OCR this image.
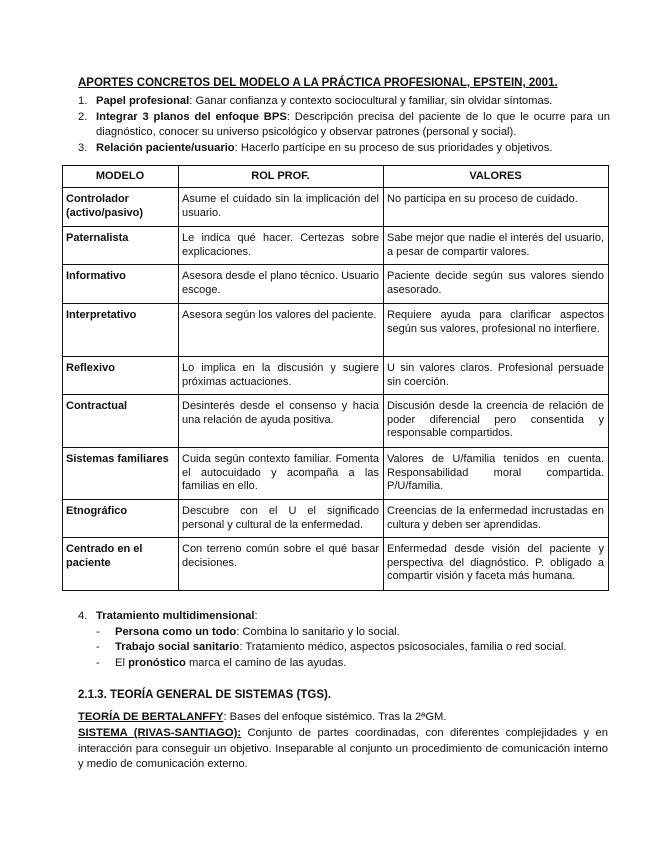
APORTES CONCRETOS DEL MODELO A LA PRÁCTICA PROFESIONAL, EPSTEIN, 2001.
1. Papel profesional: Ganar confianza y contexto sociocultural y familiar, sin olvidar síntomas.
2. Integrar 3 planos del enfoque BPS: Descripción precisa del paciente de lo que le ocurre para un diagnóstico, conocer su universo psicológico y observar patrones (personal y social).
3. Relación paciente/usuario: Hacerlo partícipe en su proceso de sus prioridades y objetivos.
MODELO	ROL PROF.	VALORES
Controlador (activo/pasivo)	Asume el cuidado sin la implicación del usuario.	No participa en su proceso de cuidado.
Paternalista	Le indica qué hacer. Certezas sobre explicaciones.	Sabe mejor que nadie el interés del usuario, a pesar de compartir valores.
Informativo	Asesora desde el plano técnico. Usuario escoge.	Paciente decide según sus valores siendo asesorado.
Interpretativo	Asesora según los valores del paciente.	Requiere ayuda para clarificar aspectos según sus valores, profesional no interfiere.
Reflexivo	Lo implica en la discusión y sugiere próximas actuaciones.	U sin valores claros. Profesional persuade sin coerción.
Contractual	Desinterés desde el consenso y hacia una relación de ayuda positiva.	Discusión desde la creencia de relación de poder diferencial pero consentida y responsable compartidos.
Sistemas familiares	Cuida según contexto familiar. Fomenta el autocuidado y acompaña a las familias en ello.	Valores de U/familia tenidos en cuenta. Responsabilidad moral compartida. P/U/familia.
Etnográfico	Descubre con el U el significado personal y cultural de la enfermedad.	Creencias de la enfermedad incrustadas en cultura y deben ser aprendidas.
Centrado en el paciente	Con terreno común sobre el qué basar decisiones.	Enfermedad desde visión del paciente y perspectiva del diagnóstico. P. obligado a compartir visión y faceta más humana.
4. Tratamiento multidimensional:
- Persona como un todo: Combina lo sanitario y lo social.
- Trabajo social sanitario: Tratamiento médico, aspectos psicosociales, familia o red social.
- El pronóstico marca el camino de las ayudas.
2.1.3. TEORÍA GENERAL DE SISTEMAS (TGS).
TEORÍA DE BERTALANFFY: Bases del enfoque sistémico. Tras la 2ªGM.
SISTEMA (RIVAS-SANTIAGO): Conjunto de partes coordinadas, con diferentes complejidades y en interacción para conseguir un objetivo. Inseparable al conjunto un procedimiento de comunicación interno y medio de comunicación externo.
